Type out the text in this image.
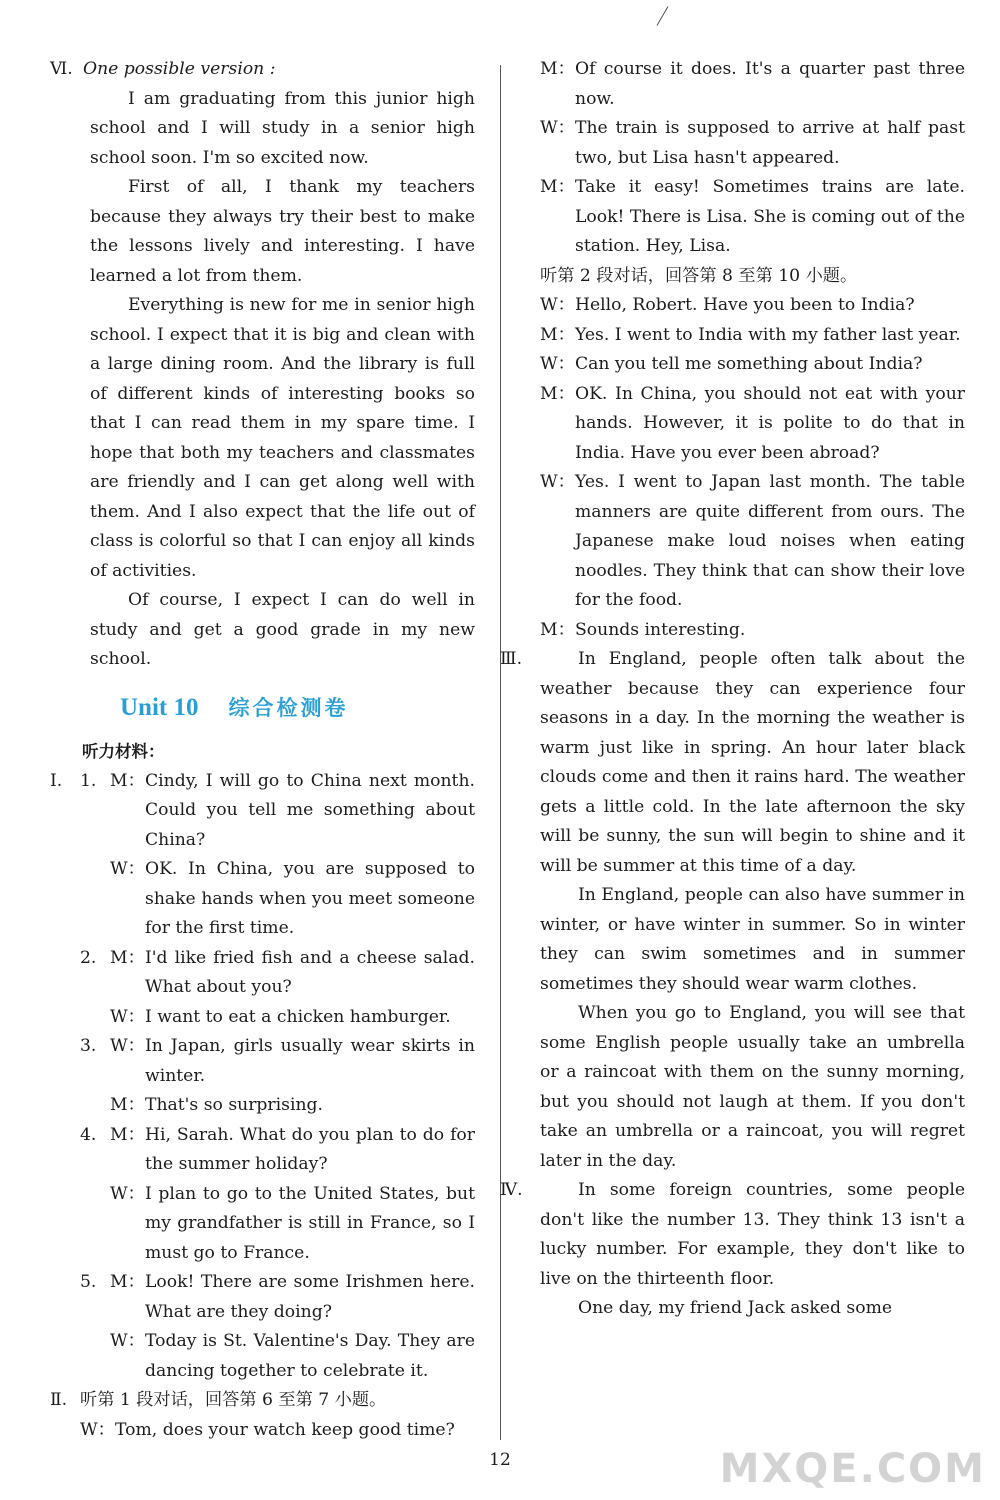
Ⅵ. One possible version :

I am graduating from this junior high school and I will study in a senior high school soon. I'm so excited now.

First of all, I thank my teachers because they always try their best to make the lessons lively and interesting. I have learned a lot from them.

Everything is new for me in senior high school. I expect that it is big and clean with a large dining room. And the library is full of different kinds of interesting books so that I can read them in my spare time. I hope that both my teachers and classmates are friendly and I can get along well with them. And I also expect that the life out of class is colorful so that I can enjoy all kinds of activities.

Of course, I expect I can do well in study and get a good grade in my new school.

Unit 10 综合检测卷
听力材料：
Ⅰ.	1. M： Cindy, I will go to China next month. Could you tell me something about China?
W： OK. In China, you are supposed to shake hands when you meet someone for the first time.
2. M： I'd like fried fish and a cheese salad. What about you?
W： I want to eat a chicken hamburger.
3. W： In Japan, girls usually wear skirts in winter.
M： That's so surprising.
4. M： Hi, Sarah. What do you plan to do for the summer holiday?
W： I plan to go to the United States, but my grandfather is still in France, so I must go to France.
5. M： Look! There are some Irishmen here. What are they doing?
W： Today is St. Valentine's Day. They are dancing together to celebrate it.
Ⅱ. 听第 1 段对话，回答第 6 至第 7 小题。
W： Tom, does your watch keep good time?
M： Of course it does. It's a quarter past three now.
W： The train is supposed to arrive at half past two, but Lisa hasn't appeared.
M： Take it easy! Sometimes trains are late. Look! There is Lisa. She is coming out of the station. Hey, Lisa.

听第 2 段对话，回答第 8 至第 10 小题。

W： Hello, Robert. Have you been to India?
M： Yes. I went to India with my father last year.
W： Can you tell me something about India?
M： OK. In China, you should not eat with your hands. However, it is polite to do that in India. Have you ever been abroad?
W： Yes. I went to Japan last month. The table manners are quite different from ours. The Japanese make loud noises when eating noodles. They think that can show their love for the food.
M： Sounds interesting.
Ⅲ.	In England, people often talk about the weather because they can experience four seasons in a day. In the morning the weather is warm just like in spring. An hour later black clouds come and then it rains hard. The weather gets a little cold. In the late afternoon the sky will be sunny, the sun will begin to shine and it will be summer at this time of a day.

In England, people can also have summer in winter, or have winter in summer. So in winter they can swim sometimes and in summer sometimes they should wear warm clothes.

When you go to England, you will see that some English people usually take an umbrella or a raincoat with them on the sunny morning, but you should not laugh at them. If you don't take an umbrella or a raincoat, you will regret later in the day.

Ⅳ.	In some foreign countries, some people don't like the number 13. They think 13 isn't a lucky number. For example, they don't like to live on the thirteenth floor.

One day, my friend Jack asked some

12	MXQE.COM
